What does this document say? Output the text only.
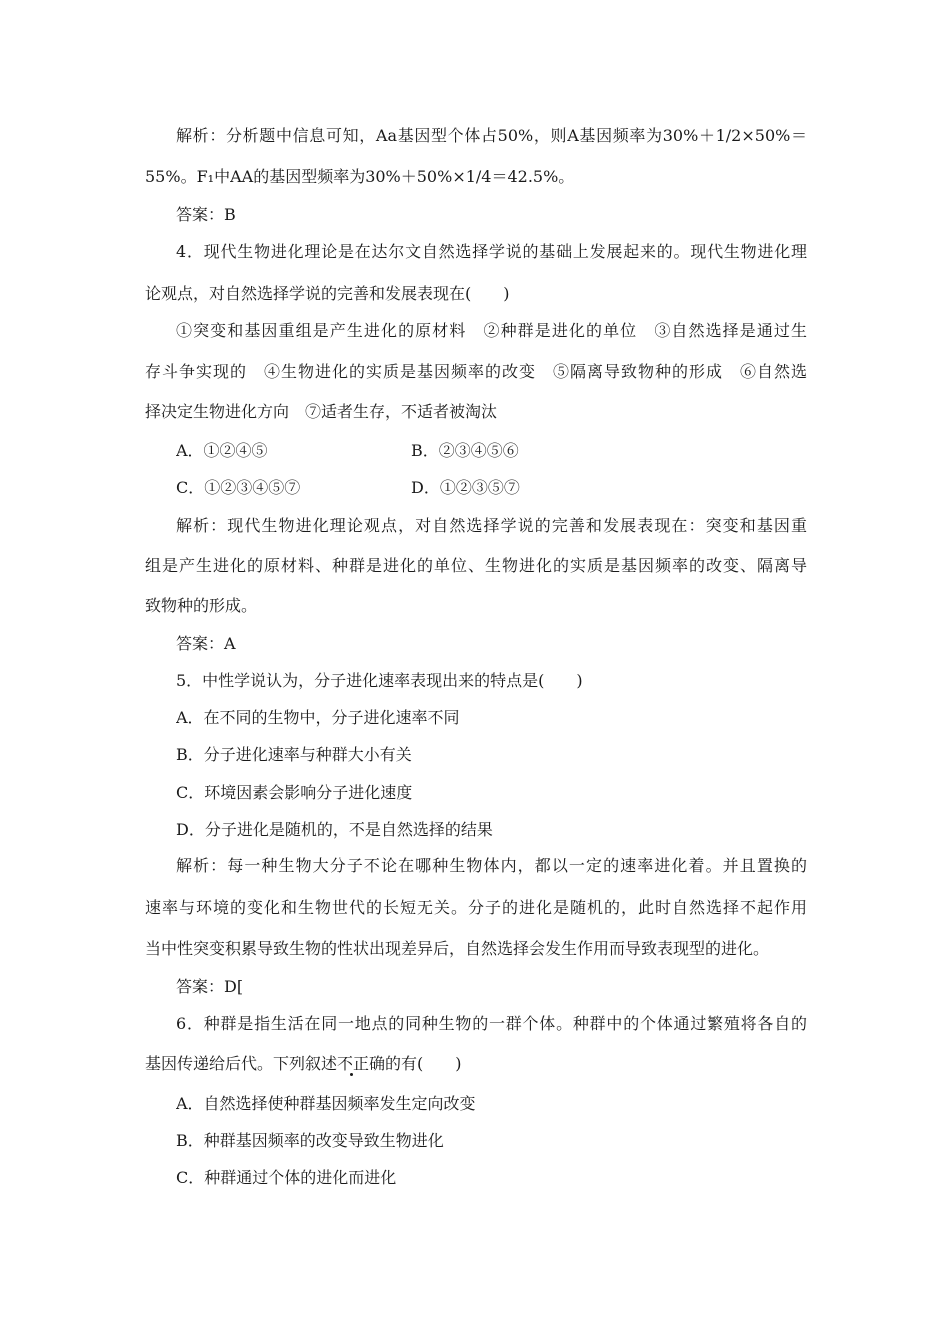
解析：分析题中信息可知，Aa基因型个体占50%，则A基因频率为30%＋1/2×50%＝
55%。F₁中AA的基因型频率为30%＋50%×1/4＝42.5%。
答案：B
4．现代生物进化理论是在达尔文自然选择学说的基础上发展起来的。现代生物进化理
论观点，对自然选择学说的完善和发展表现在(　　)
①突变和基因重组是产生进化的原材料　②种群是进化的单位　③自然选择是通过生
存斗争实现的　④生物进化的实质是基因频率的改变　⑤隔离导致物种的形成　⑥自然选
择决定生物进化方向　⑦适者生存，不适者被淘汰
A．①②④⑤	B．②③④⑤⑥
C．①②③④⑤⑦	D．①②③⑤⑦
解析：现代生物进化理论观点，对自然选择学说的完善和发展表现在：突变和基因重
组是产生进化的原材料、种群是进化的单位、生物进化的实质是基因频率的改变、隔离导
致物种的形成。
答案：A
5．中性学说认为，分子进化速率表现出来的特点是(　　)
A．在不同的生物中，分子进化速率不同
B．分子进化速率与种群大小有关
C．环境因素会影响分子进化速度
D．分子进化是随机的，不是自然选择的结果
解析：每一种生物大分子不论在哪种生物体内，都以一定的速率进化着。并且置换的
速率与环境的变化和生物世代的长短无关。分子的进化是随机的，此时自然选择不起作用
当中性突变积累导致生物的性状出现差异后，自然选择会发生作用而导致表现型的进化。
答案：D[
6．种群是指生活在同一地点的同种生物的一群个体。种群中的个体通过繁殖将各自的
基因传递给后代。下列叙述不正确的有(　　)
A．自然选择使种群基因频率发生定向改变
B．种群基因频率的改变导致生物进化
C．种群通过个体的进化而进化
